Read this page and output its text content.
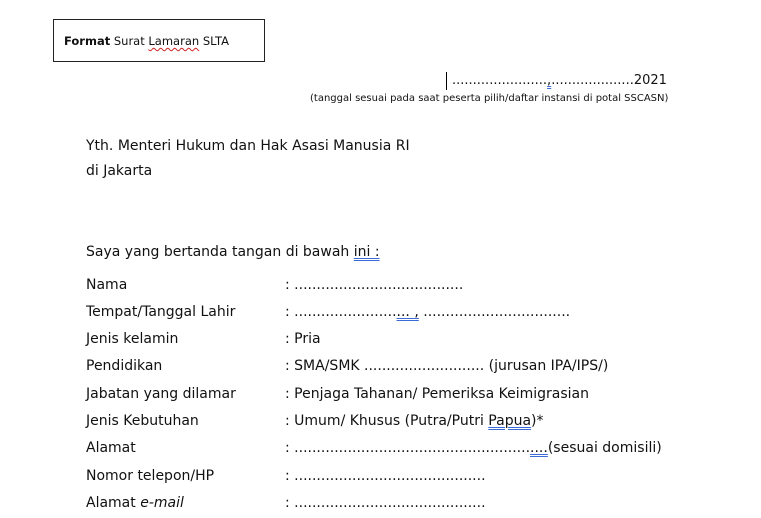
Format Surat Lamaran SLTA
.......................,....................2021
(tanggal sesuai pada saat peserta pilih/daftar instansi di potal SSCASN)
Yth. Menteri Hukum dan Hak Asasi Manusia RI
di Jakarta
Saya yang bertanda tangan di bawah ini :
Nama	: ......................................
Tempat/Tanggal Lahir	: .......................... , .................................
Jenis kelamin	: Pria
Pendidikan	: SMA/SMK ........................... (jurusan IPA/IPS/)
Jabatan yang dilamar	: Penjaga Tahanan/ Pemeriksa Keimigrasian
Jenis Kebutuhan	: Umum/ Khusus (Putra/Putri Papua)*
Alamat	: .........................................................(sesuai domisili)
Nomor telepon/HP	: ...........................................
Alamat e-mail	: ...........................................
